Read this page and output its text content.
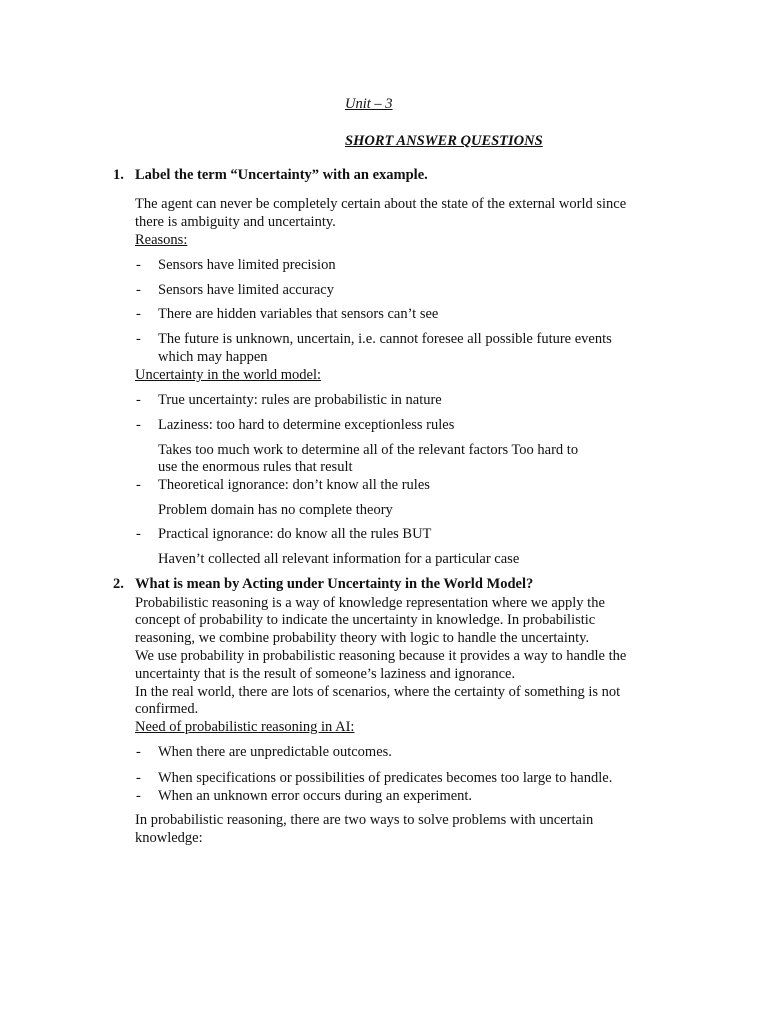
Unit – 3
SHORT ANSWER QUESTIONS
1. Label the term “Uncertainty” with an example.
The agent can never be completely certain about the state of the external world since
there is ambiguity and uncertainty.
Reasons:
- Sensors have limited precision
- Sensors have limited accuracy
- There are hidden variables that sensors can’t see
- The future is unknown, uncertain, i.e. cannot foresee all possible future events
which may happen
Uncertainty in the world model:
- True uncertainty: rules are probabilistic in nature
- Laziness: too hard to determine exceptionless rules
Takes too much work to determine all of the relevant factors Too hard to
use the enormous rules that result
- Theoretical ignorance: don’t know all the rules
Problem domain has no complete theory
- Practical ignorance: do know all the rules BUT
Haven’t collected all relevant information for a particular case
2. What is mean by Acting under Uncertainty in the World Model?
Probabilistic reasoning is a way of knowledge representation where we apply the
concept of probability to indicate the uncertainty in knowledge. In probabilistic
reasoning, we combine probability theory with logic to handle the uncertainty.
We use probability in probabilistic reasoning because it provides a way to handle the
uncertainty that is the result of someone’s laziness and ignorance.
In the real world, there are lots of scenarios, where the certainty of something is not
confirmed.
Need of probabilistic reasoning in AI:
- When there are unpredictable outcomes.
- When specifications or possibilities of predicates becomes too large to handle.
- When an unknown error occurs during an experiment.
In probabilistic reasoning, there are two ways to solve problems with uncertain
knowledge:
